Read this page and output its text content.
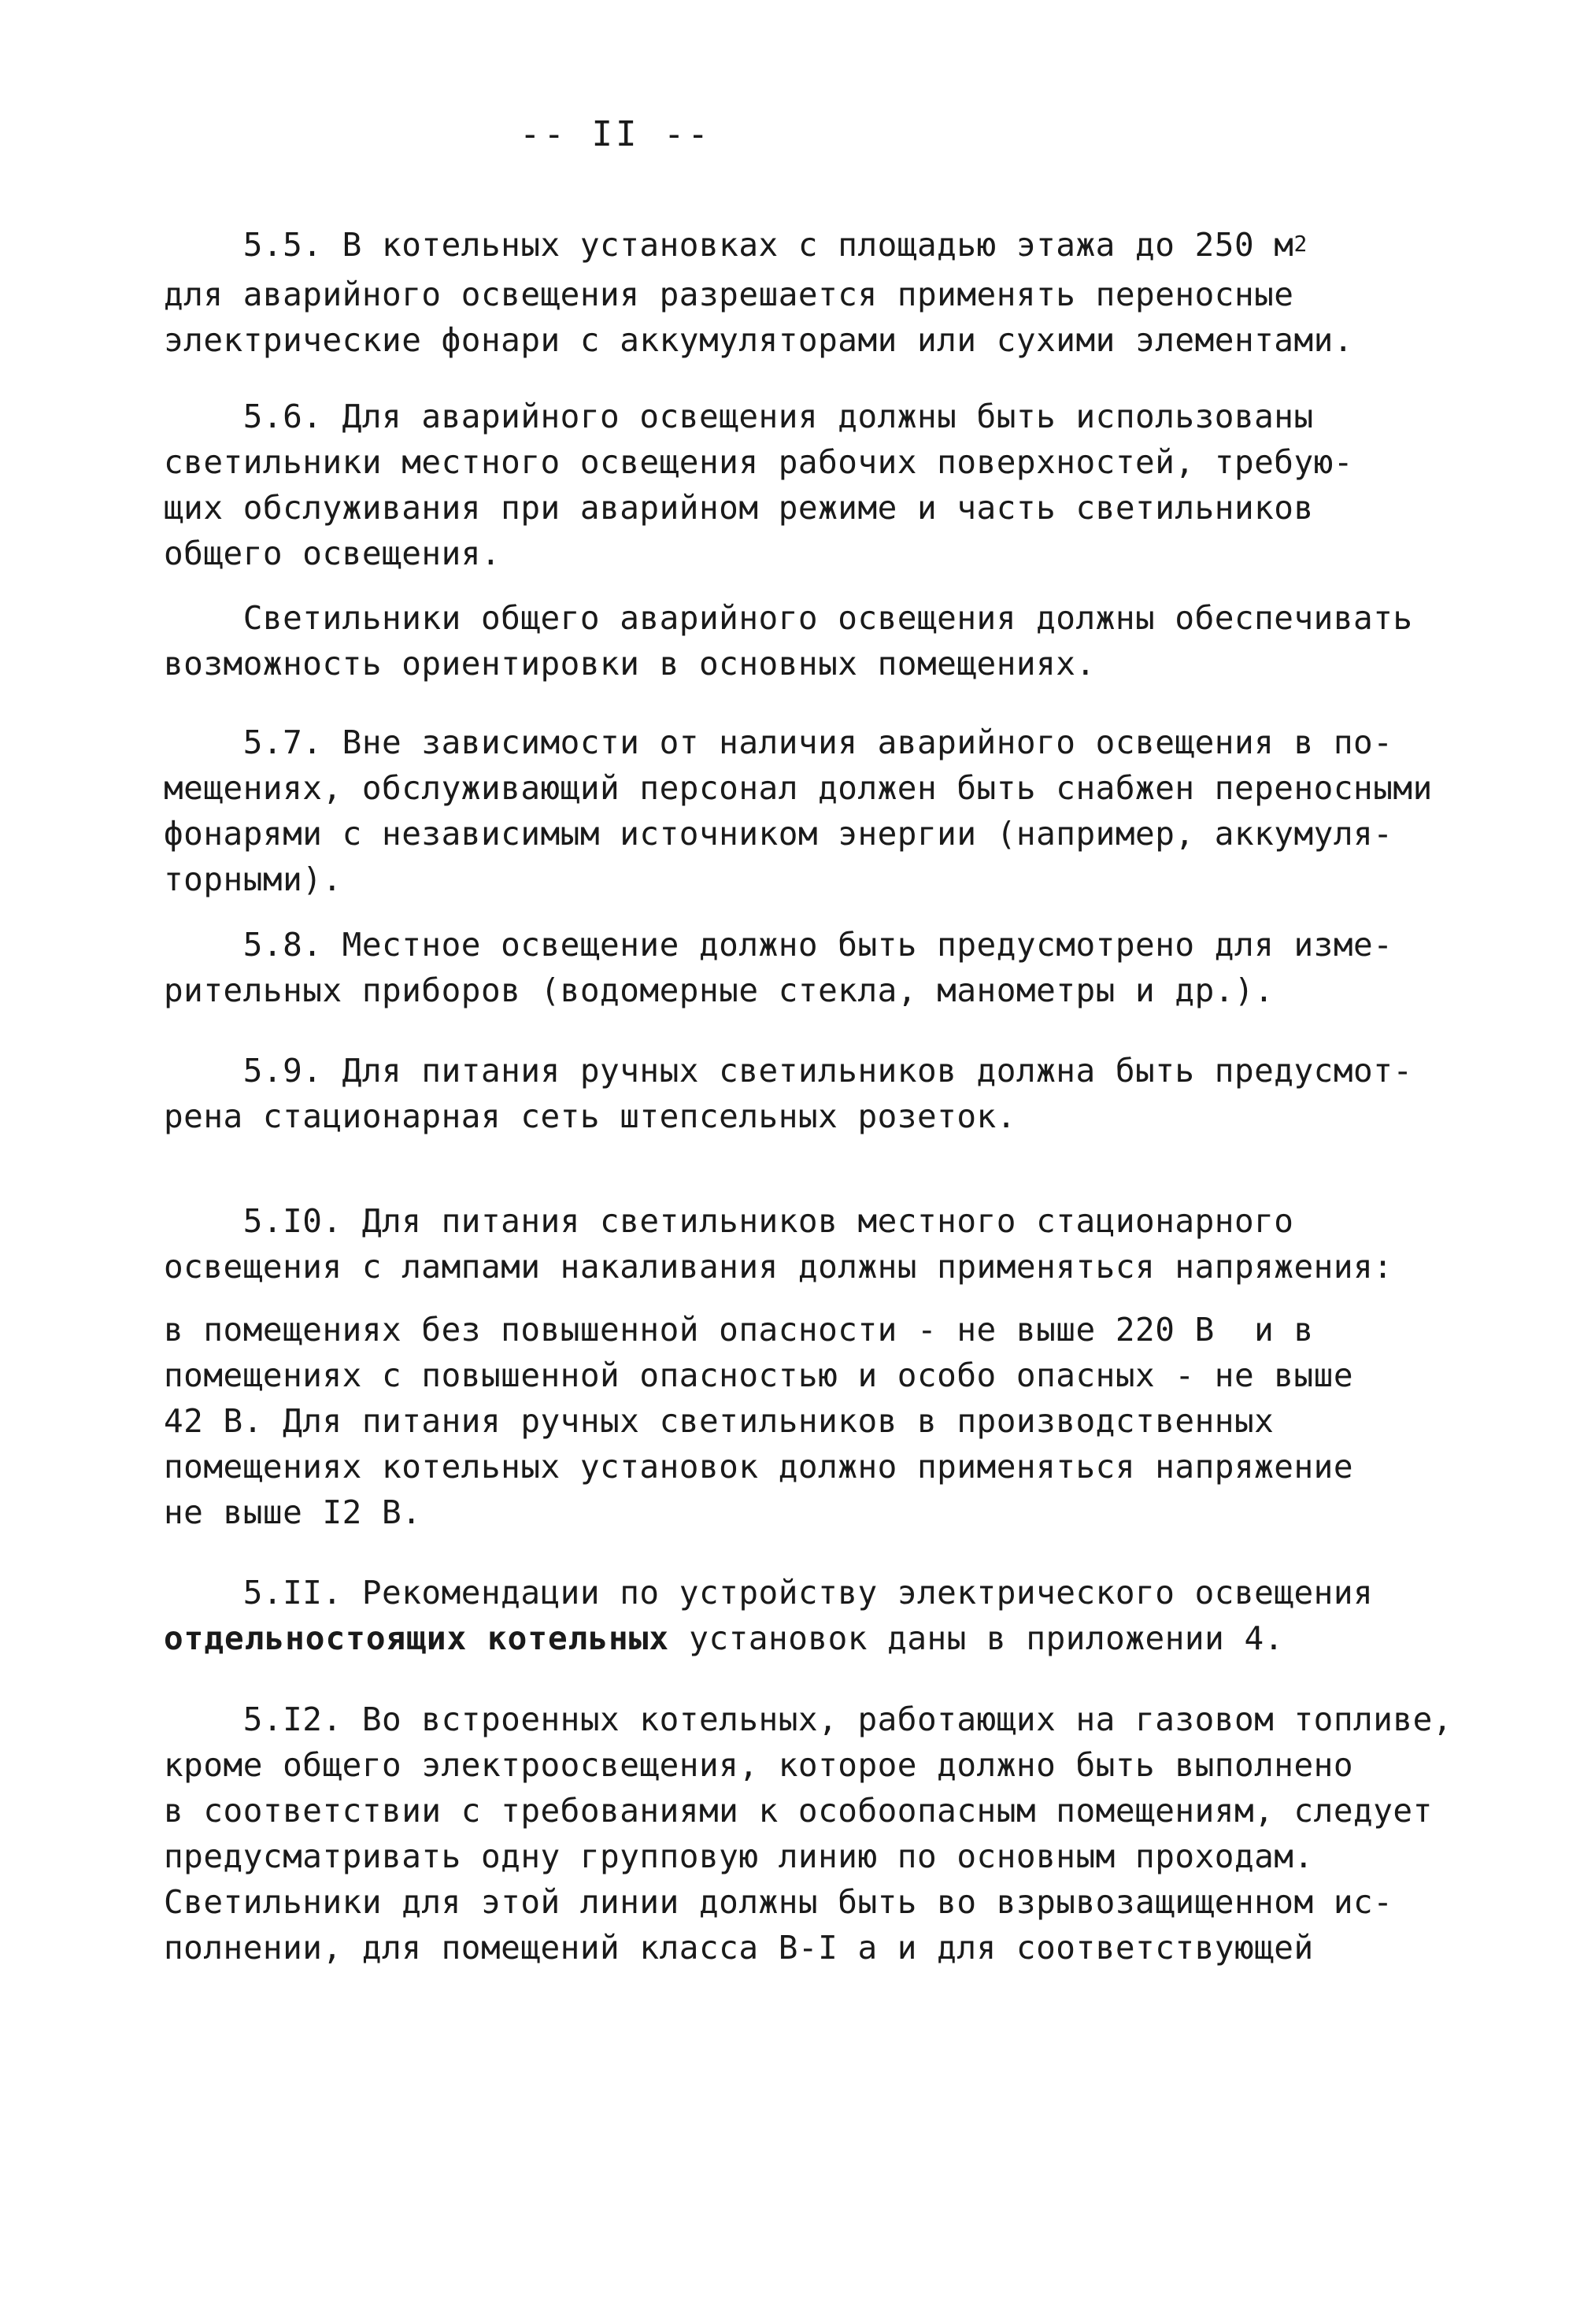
-- II --
5.5. В котельных установках с площадью этажа до 250 $м^2$
для аварийного освещения разрешается применять переносные
электрические фонари с аккумуляторами или сухими элементами.
5.6. Для аварийного освещения должны быть использованы
светильники местного освещения рабочих поверхностей, требую-
щих обслуживания при аварийном режиме и часть светильников
общего освещения.
Светильники общего аварийного освещения должны обеспечивать
возможность ориентировки в основных помещениях.
5.7. Вне зависимости от наличия аварийного освещения в по-
мещениях, обслуживающий персонал должен быть снабжен переносными
фонарями с независимым источником энергии (например, аккумуля-
торными).
5.8. Местное освещение должно быть предусмотрено для изме-
рительных приборов (водомерные стекла, манометры и др.).
5.9. Для питания ручных светильников должна быть предусмот-
рена стационарная сеть штепсельных розеток.
5.I0. Для питания светильников местного стационарного
освещения с лампами накаливания должны применяться напряжения:
в помещениях без повышенной опасности - не выше 220 В  и в
помещениях с повышенной опасностью и особо опасных - не выше
42 В. Для питания ручных светильников в производственных
помещениях котельных установок должно применяться напряжение
не выше I2 В.
5.II. Рекомендации по устройству электрического освещения
отдельностоящих котельных установок даны в приложении 4.
5.I2. Во встроенных котельных, работающих на газовом топливе,
кроме общего электроосвещения, которое должно быть выполнено
в соответствии с требованиями к особоопасным помещениям, следует
предусматривать одну групповую линию по основным проходам.
Светильники для этой линии должны быть во взрывозащищенном ис-
полнении, для помещений класса В-I а и для соответствующей
